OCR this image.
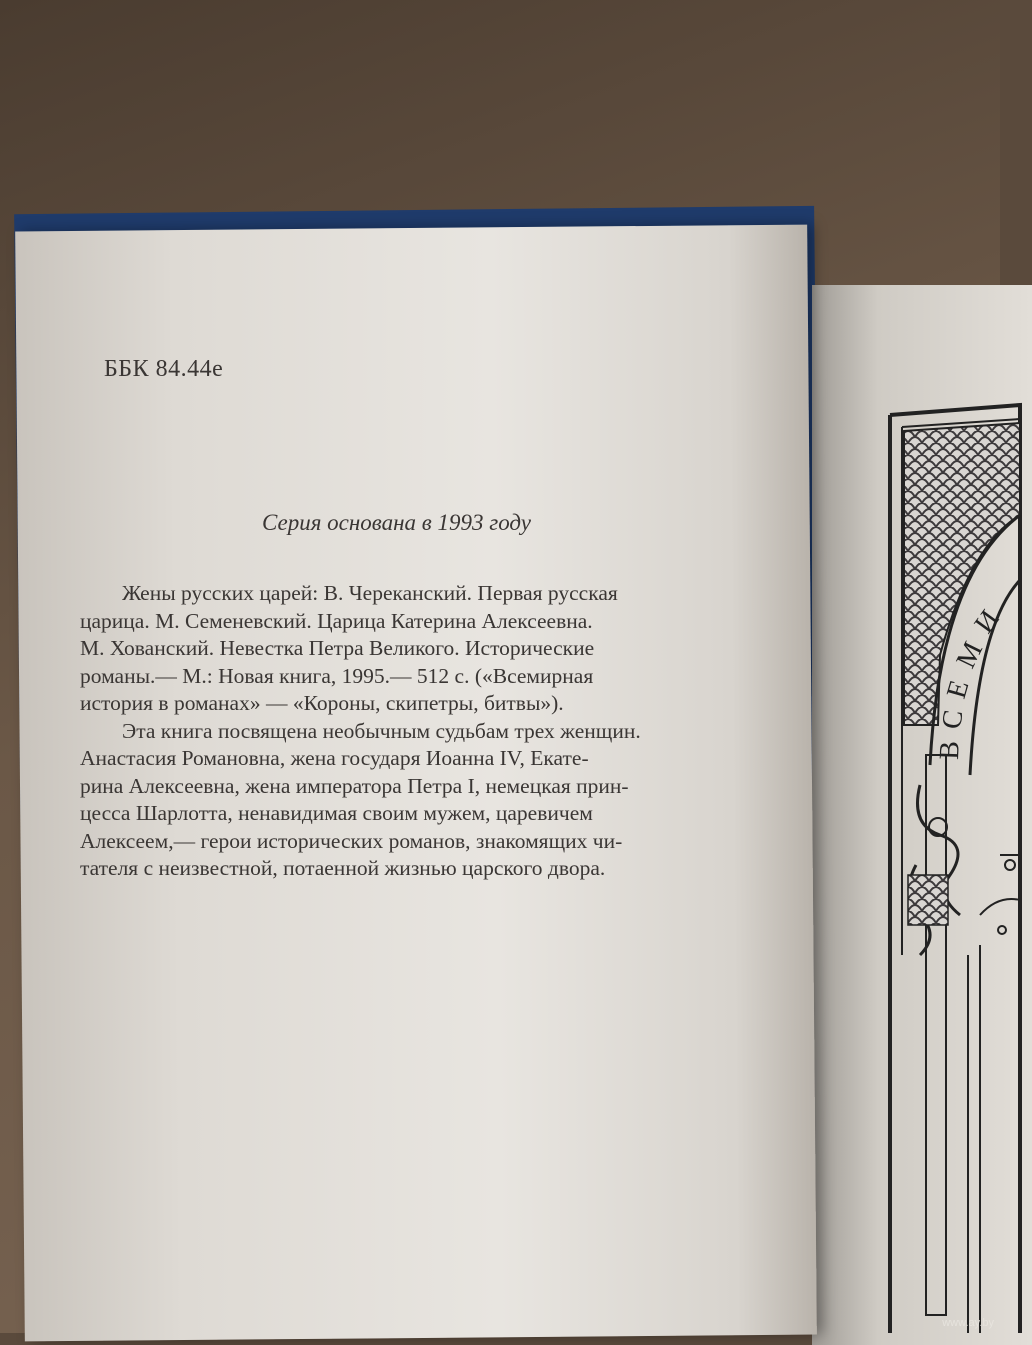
В
С
Е
М
И
ББК 84.44е
Серия основана в 1993 году
Жены русских царей: В. Череканский. Первая русская
царица. М. Семеневский. Царица Катерина Алексеевна.
М. Хованский. Невестка Петра Великого. Исторические
романы.— М.: Новая книга, 1995.— 512 с. («Всемирная
история в романах» — «Короны, скипетры, битвы»).
Эта книга посвящена необычным судьбам трех женщин.
Анастасия Романовна, жена государя Иоанна IV, Екате-
рина Алексеевна, жена императора Петра I, немецкая прин-
цесса Шарлотта, ненавидимая своим мужем, царевичем
Алексеем,— герои исторических романов, знакомящих чи-
тателя с неизвестной, потаенной жизнью царского двора.
www.ay.by
